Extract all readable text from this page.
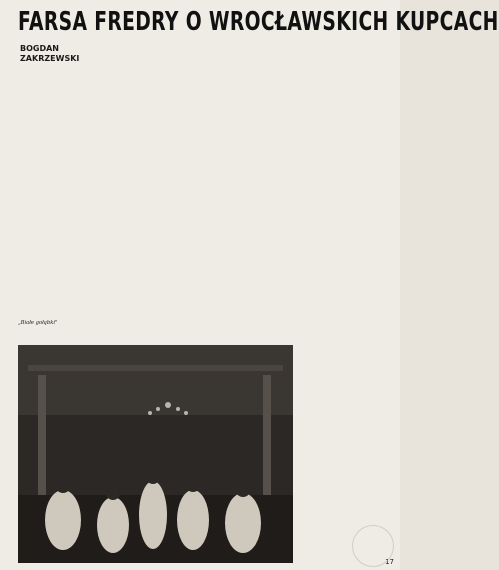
FARSA FREDRY O WROCŁAWSKICH KUPCACH
BOGDAN ZAKRZEWSKI
„Białe gołąbki"
17
